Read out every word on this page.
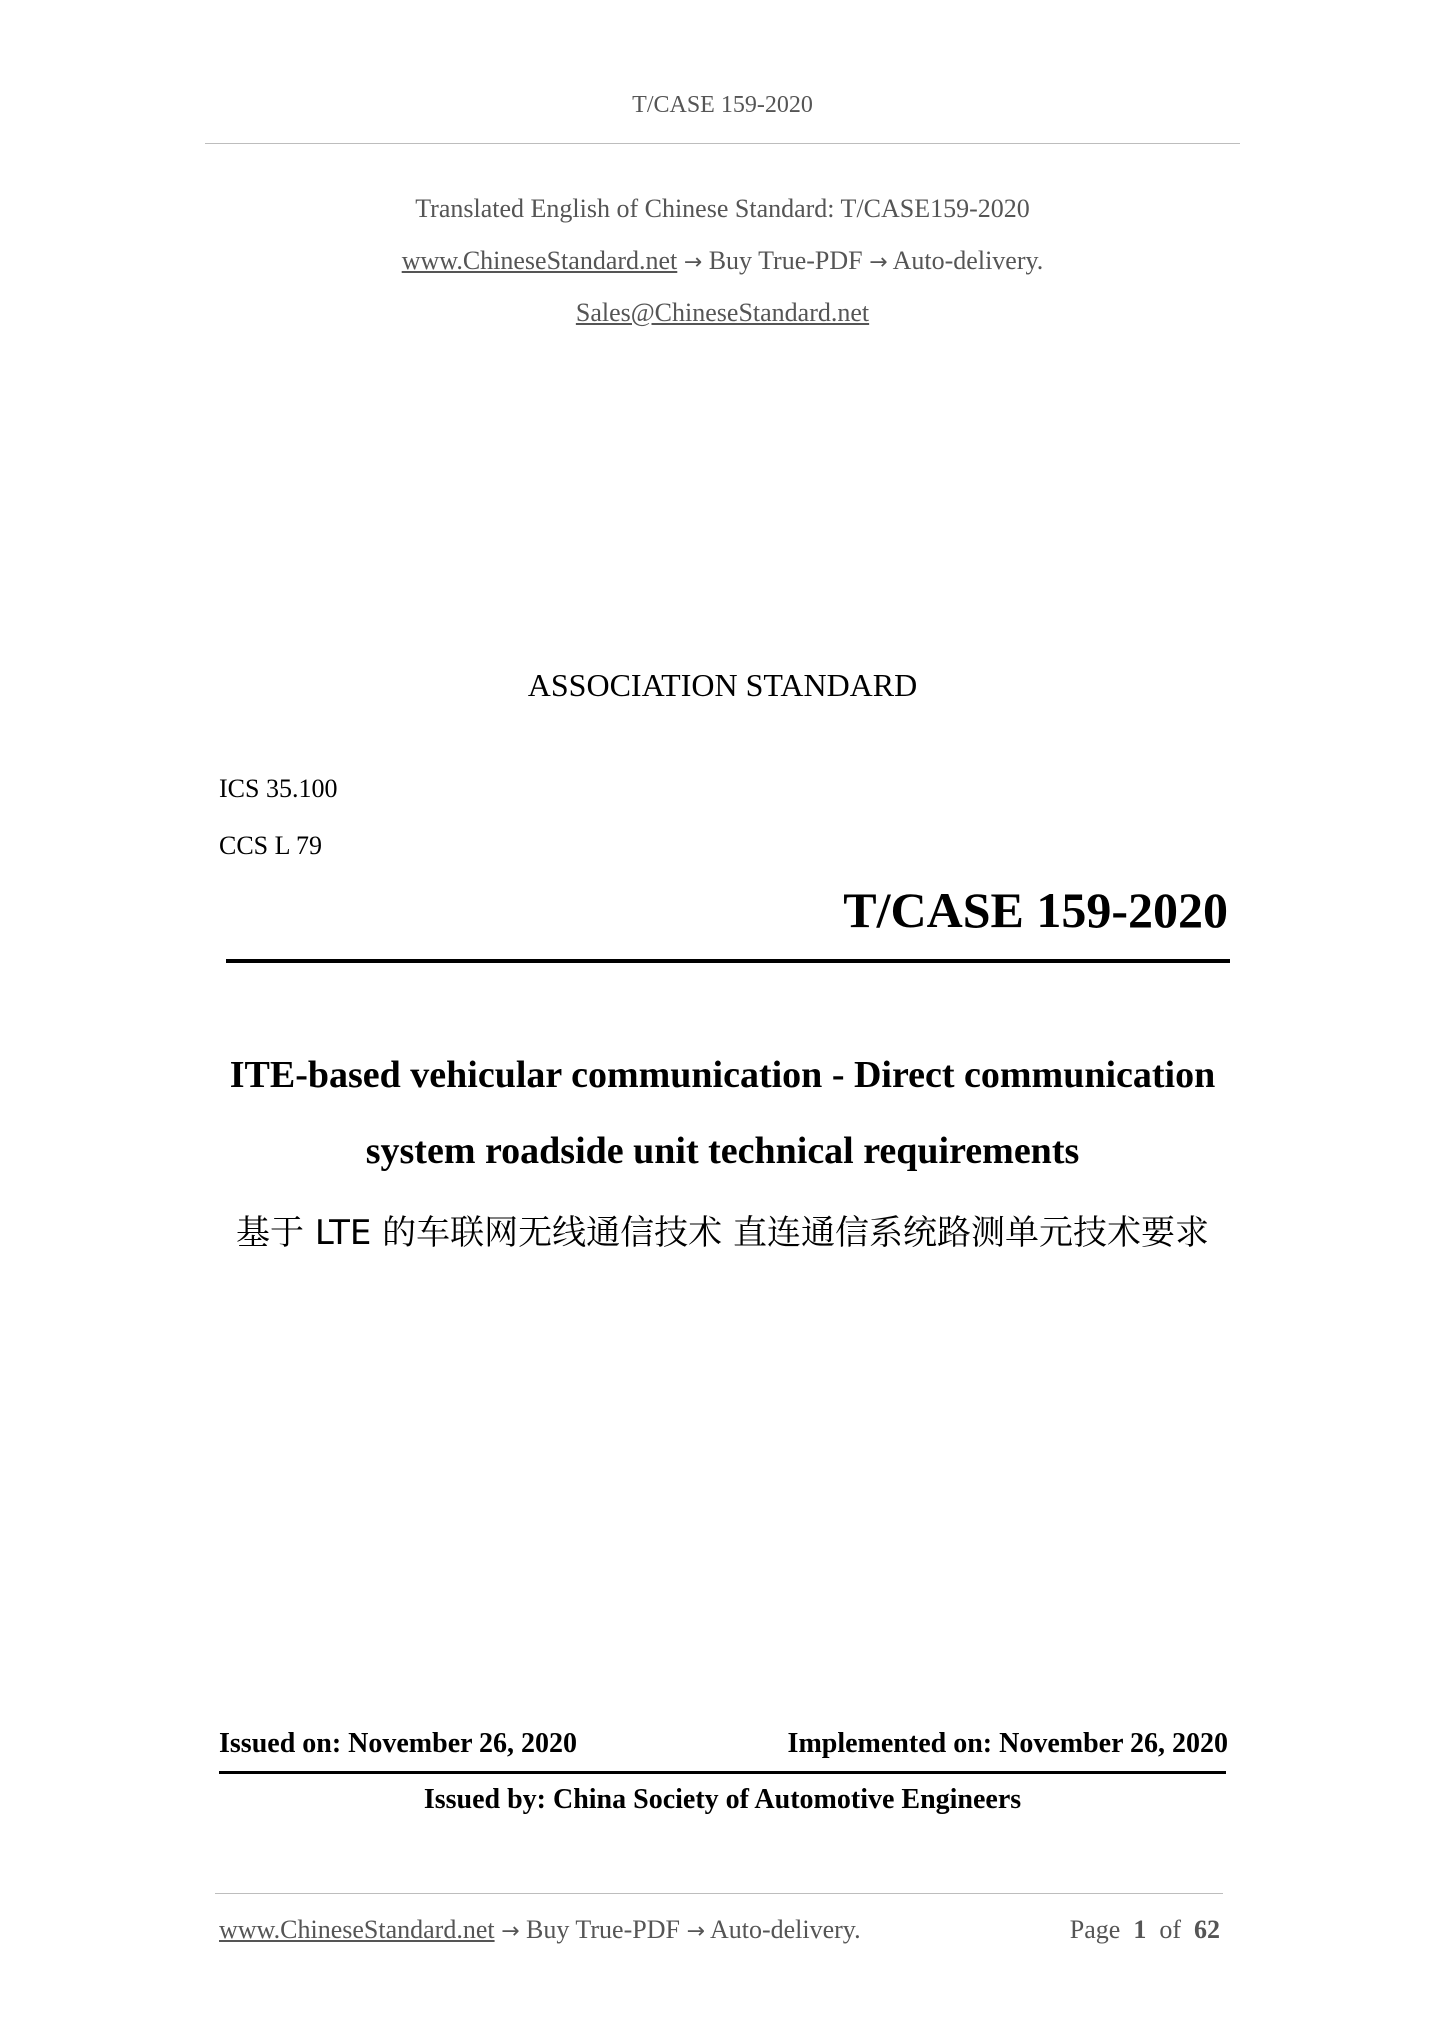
T/CASE 159-2020
Translated English of Chinese Standard: T/CASE159-2020
www.ChineseStandard.net → Buy True-PDF → Auto-delivery.
Sales@ChineseStandard.net
ASSOCIATION STANDARD
ICS 35.100
CCS L 79
T/CASE 159-2020
ITE-based vehicular communication - Direct communication
system roadside unit technical requirements
基于 LTE 的车联网无线通信技术 直连通信系统路测单元技术要求
Issued on: November 26, 2020	Implemented on: November 26, 2020
Issued by: China Society of Automotive Engineers
www.ChineseStandard.net → Buy True-PDF → Auto-delivery.	Page 1 of 62
